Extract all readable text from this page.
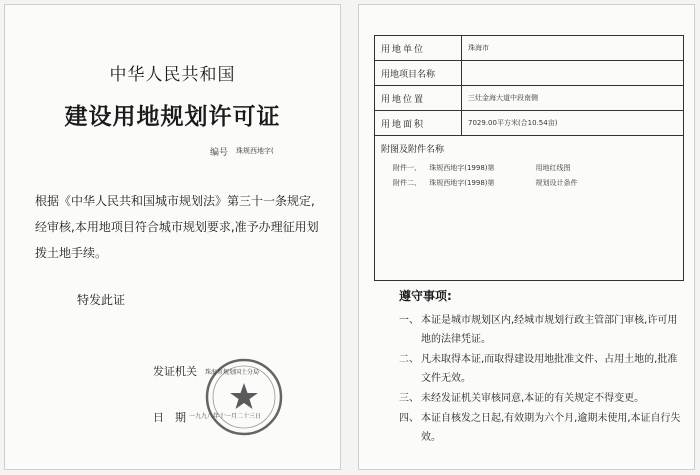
中华人民共和国
建设用地规划许可证
编号 珠规西地字(
根据《中华人民共和国城市规划法》第三十一条规定,经审核,本用地项目符合城市规划要求,准予办理征用划拨土地手续。
特发此证
发证机关 珠海市规划国土分局
日期
一九九八年十一月二十三日
用地单位	珠海市
用地项目名称	
用地位置	三灶金海大道中段南侧
用地面积	7029.00平方米(合10.54亩)

附图及附件名称
附件一、 珠规西地字(1998)第 用地红线图
附件二、 珠规西地字(1998)第 规划设计条件	
遵守事项:
一、 本证是城市规划区内,经城市规划行政主管部门审核,许可用地的法律凭证。
二、 凡未取得本证,而取得建设用地批准文件、占用土地的,批准文件无效。
三、 未经发证机关审核同意,本证的有关规定不得变更。
四、 本证自核发之日起,有效期为六个月,逾期未使用,本证自行失效。
